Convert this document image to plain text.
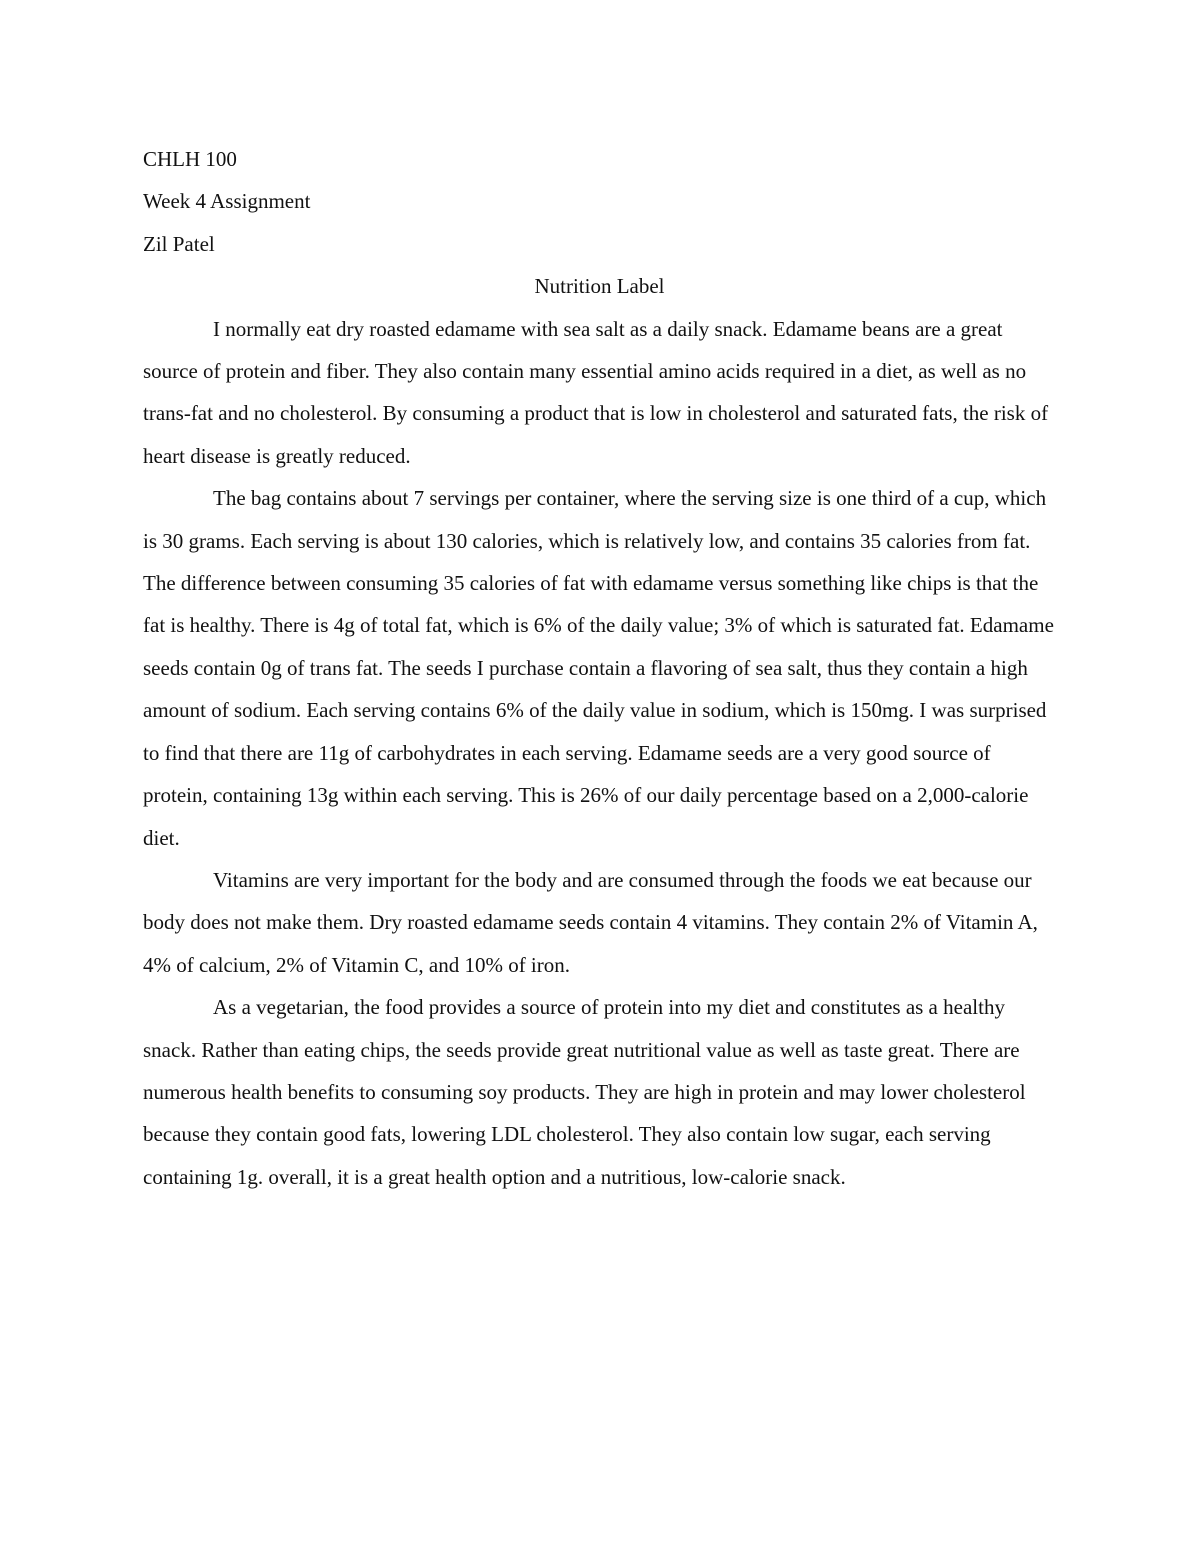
CHLH 100

Week 4 Assignment

Zil Patel

Nutrition Label

I normally eat dry roasted edamame with sea salt as a daily snack. Edamame beans are a great source of protein and fiber. They also contain many essential amino acids required in a diet, as well as no trans-fat and no cholesterol. By consuming a product that is low in cholesterol and saturated fats, the risk of heart disease is greatly reduced.

The bag contains about 7 servings per container, where the serving size is one third of a cup, which is 30 grams. Each serving is about 130 calories, which is relatively low, and contains 35 calories from fat. The difference between consuming 35 calories of fat with edamame versus something like chips is that the fat is healthy. There is 4g of total fat, which is 6% of the daily value; 3% of which is saturated fat. Edamame seeds contain 0g of trans fat. The seeds I purchase contain a flavoring of sea salt, thus they contain a high amount of sodium. Each serving contains 6% of the daily value in sodium, which is 150mg. I was surprised to find that there are 11g of carbohydrates in each serving. Edamame seeds are a very good source of protein, containing 13g within each serving. This is 26% of our daily percentage based on a 2,000-calorie diet.

Vitamins are very important for the body and are consumed through the foods we eat because our body does not make them. Dry roasted edamame seeds contain 4 vitamins. They contain 2% of Vitamin A, 4% of calcium, 2% of Vitamin C, and 10% of iron.

As a vegetarian, the food provides a source of protein into my diet and constitutes as a healthy snack. Rather than eating chips, the seeds provide great nutritional value as well as taste great. There are numerous health benefits to consuming soy products. They are high in protein and may lower cholesterol because they contain good fats, lowering LDL cholesterol. They also contain low sugar, each serving containing 1g. overall, it is a great health option and a nutritious, low-calorie snack.
